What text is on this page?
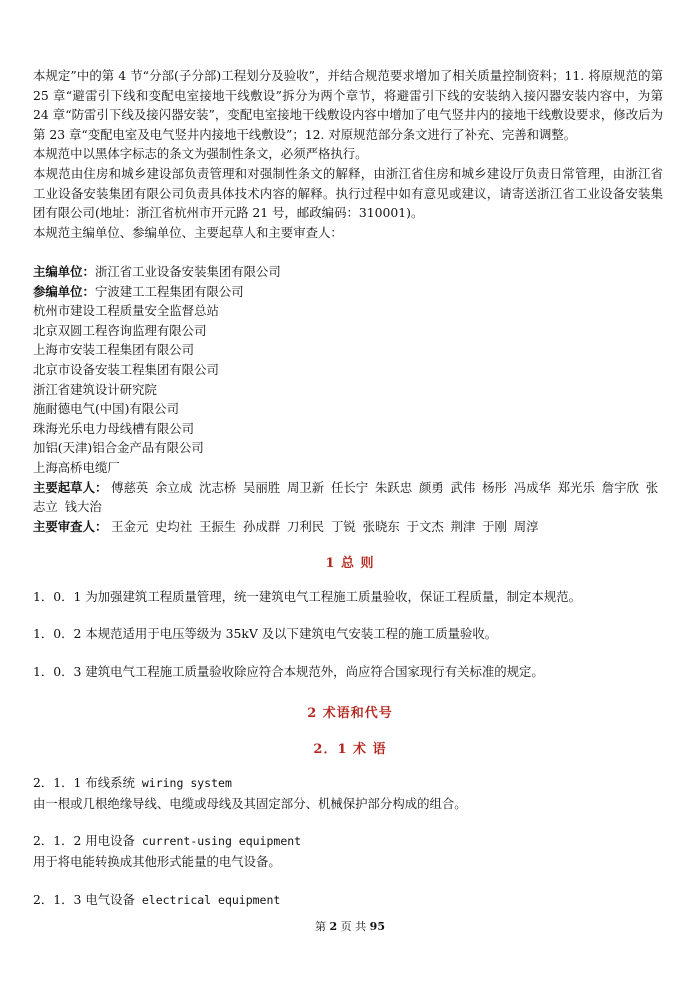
本规定”中的第 4 节“分部(子分部)工程划分及验收”，并结合规范要求增加了相关质量控制资料；11. 将原规范的第 25 章“避雷引下线和变配电室接地干线敷设”拆分为两个章节，将避雷引下线的安装纳入接闪器安装内容中，为第 24 章“防雷引下线及接闪器安装”，变配电室接地干线敷设内容中增加了电气竖井内的接地干线敷设要求，修改后为第 23 章“变配电室及电气竖井内接地干线敷设”；12. 对原规范部分条文进行了补充、完善和调整。

本规范中以黑体字标志的条文为强制性条文，必须严格执行。

本规范由住房和城乡建设部负责管理和对强制性条文的解释，由浙江省住房和城乡建设厅负责日常管理，由浙江省工业设备安装集团有限公司负责具体技术内容的解释。执行过程中如有意见或建议，请寄送浙江省工业设备安装集团有限公司(地址：浙江省杭州市开元路 21 号，邮政编码：310001)。

本规范主编单位、参编单位、主要起草人和主要审查人：

主编单位：浙江省工业设备安装集团有限公司

参编单位：宁波建工工程集团有限公司

杭州市建设工程质量安全监督总站

北京双圆工程咨询监理有限公司

上海市安装工程集团有限公司

北京市设备安装工程集团有限公司

浙江省建筑设计研究院

施耐德电气(中国)有限公司

珠海光乐电力母线槽有限公司

加铝(天津)铝合金产品有限公司

上海高桥电缆厂

主要起草人： 傅慈英 余立成 沈志桥 吴丽胜 周卫新 任长宁 朱跃忠 颜勇 武伟 杨彤 冯成华 郑光乐 詹宇欣 张志立 钱大治

主要审查人： 王金元 史均社 王振生 孙成群 刀利民 丁锐 张晓东 于文杰 荆津 于刚 周淳

1 总 则
1．0．1 为加强建筑工程质量管理，统一建筑电气工程施工质量验收，保证工程质量，制定本规范。
1．0．2 本规范适用于电压等级为 35kV 及以下建筑电气安装工程的施工质量验收。
1．0．3 建筑电气工程施工质量验收除应符合本规范外，尚应符合国家现行有关标准的规定。
2 术语和代号
2．1 术 语

2．1．1 布线系统 wiring system

由一根或几根绝缘导线、电缆或母线及其固定部分、机械保护部分构成的组合。

2．1．2 用电设备 current-using equipment

用于将电能转换成其他形式能量的电气设备。

2．1．3 电气设备 electrical equipment

第 2 页 共 95
